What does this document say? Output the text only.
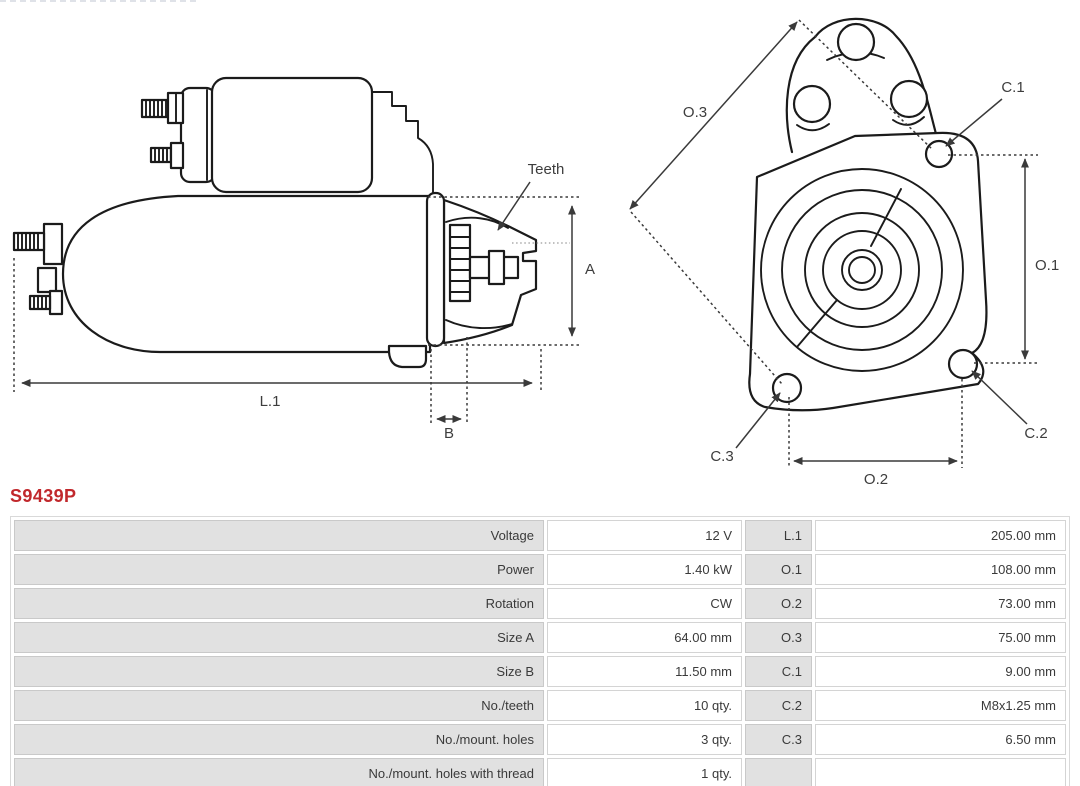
A
Teeth
L.1
B
O.3
C.1
O.1
C.2
C.3
O.2
S9439P
Voltage	12 V	L.1	205.00 mm
Power	1.40 kW	O.1	108.00 mm
Rotation	CW	O.2	73.00 mm
Size A	64.00 mm	O.3	75.00 mm
Size B	11.50 mm	C.1	9.00 mm
No./teeth	10 qty.	C.2	M8x1.25 mm
No./mount. holes	3 qty.	C.3	6.50 mm
No./mount. holes with thread	1 qty.		
